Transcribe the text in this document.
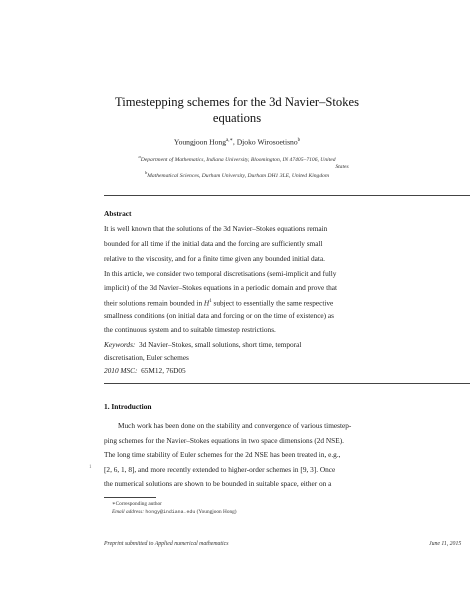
Timestepping schemes for the 3d Navier–Stokes
equations
Youngjoon Hong$^{a,∗}$, Djoko Wirosoetisno$^b$
$^a$Department of Mathematics, Indiana University, Bloomington, IN 47405–7106, United
States
$^b$Mathematical Sciences, Durham University, Durham DH1 3LE, United Kingdom
Abstract
It is well known that the solutions of the 3d Navier–Stokes equations remain
bounded for all time if the initial data and the forcing are sufficiently small
relative to the viscosity, and for a finite time given any bounded initial data.
In this article, we consider two temporal discretisations (semi-implicit and fully
implicit) of the 3d Navier–Stokes equations in a periodic domain and prove that
their solutions remain bounded in $H^1$ subject to essentially the same respective
smallness conditions (on initial data and forcing or on the time of existence) as
the continuous system and to suitable timestep restrictions.
Keywords: 3d Navier–Stokes, small solutions, short time, temporal
discretisation, Euler schemes
2010 MSC: 65M12, 76D05
1. Introduction
Much work has been done on the stability and convergence of various timestep-
ping schemes for the Navier–Stokes equations in two space dimensions (2d NSE).
The long time stability of Euler schemes for the 2d NSE has been treated in, e.g.,
[2, 6, 1, 8], and more recently extended to higher-order schemes in [9, 3]. Once
the numerical solutions are shown to be bounded in suitable space, either on a
1
∗Corresponding author
Email address: hongy@indiana.edu (Youngjoon Hong)
Preprint submitted to Applied numerical mathematics	June 11, 2015
